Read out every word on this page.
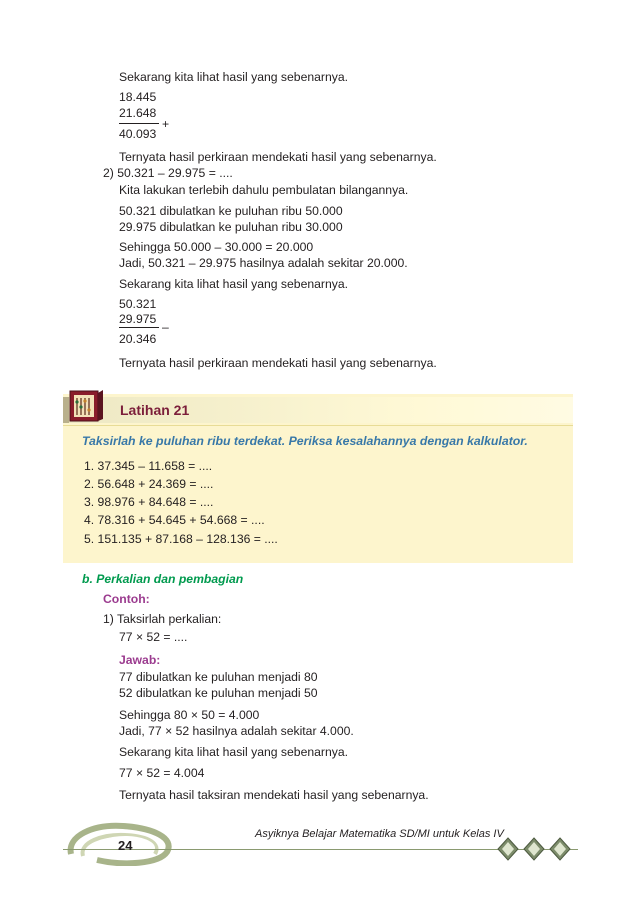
Sekarang kita lihat hasil yang sebenarnya.
18.445
21.648
+
40.093
Ternyata hasil perkiraan mendekati hasil yang sebenarnya.
2) 50.321 – 29.975 = ....
Kita lakukan terlebih dahulu pembulatan bilangannya.
50.321 dibulatkan ke puluhan ribu 50.000
29.975 dibulatkan ke puluhan ribu 30.000
Sehingga 50.000 – 30.000 = 20.000
Jadi, 50.321 – 29.975 hasilnya adalah sekitar 20.000.
Sekarang kita lihat hasil yang sebenarnya.
50.321
29.975
–
20.346
Ternyata hasil perkiraan mendekati hasil yang sebenarnya.
Latihan 21
Taksirlah ke puluhan ribu terdekat. Periksa kesalahannya dengan kalkulator.
1. 37.345 – 11.658 = ....
2. 56.648 + 24.369 = ....
3. 98.976 + 84.648 = ....
4. 78.316 + 54.645 + 54.668 = ....
5. 151.135 + 87.168 – 128.136 = ....
b. Perkalian dan pembagian
Contoh:
1) Taksirlah perkalian:
77 × 52 = ....
Jawab:
77 dibulatkan ke puluhan menjadi 80
52 dibulatkan ke puluhan menjadi 50
Sehingga 80 × 50 = 4.000
Jadi, 77 × 52 hasilnya adalah sekitar 4.000.
Sekarang kita lihat hasil yang sebenarnya.
77 × 52 = 4.004
Ternyata hasil taksiran mendekati hasil yang sebenarnya.
24
Asyiknya Belajar Matematika SD/MI untuk Kelas IV
